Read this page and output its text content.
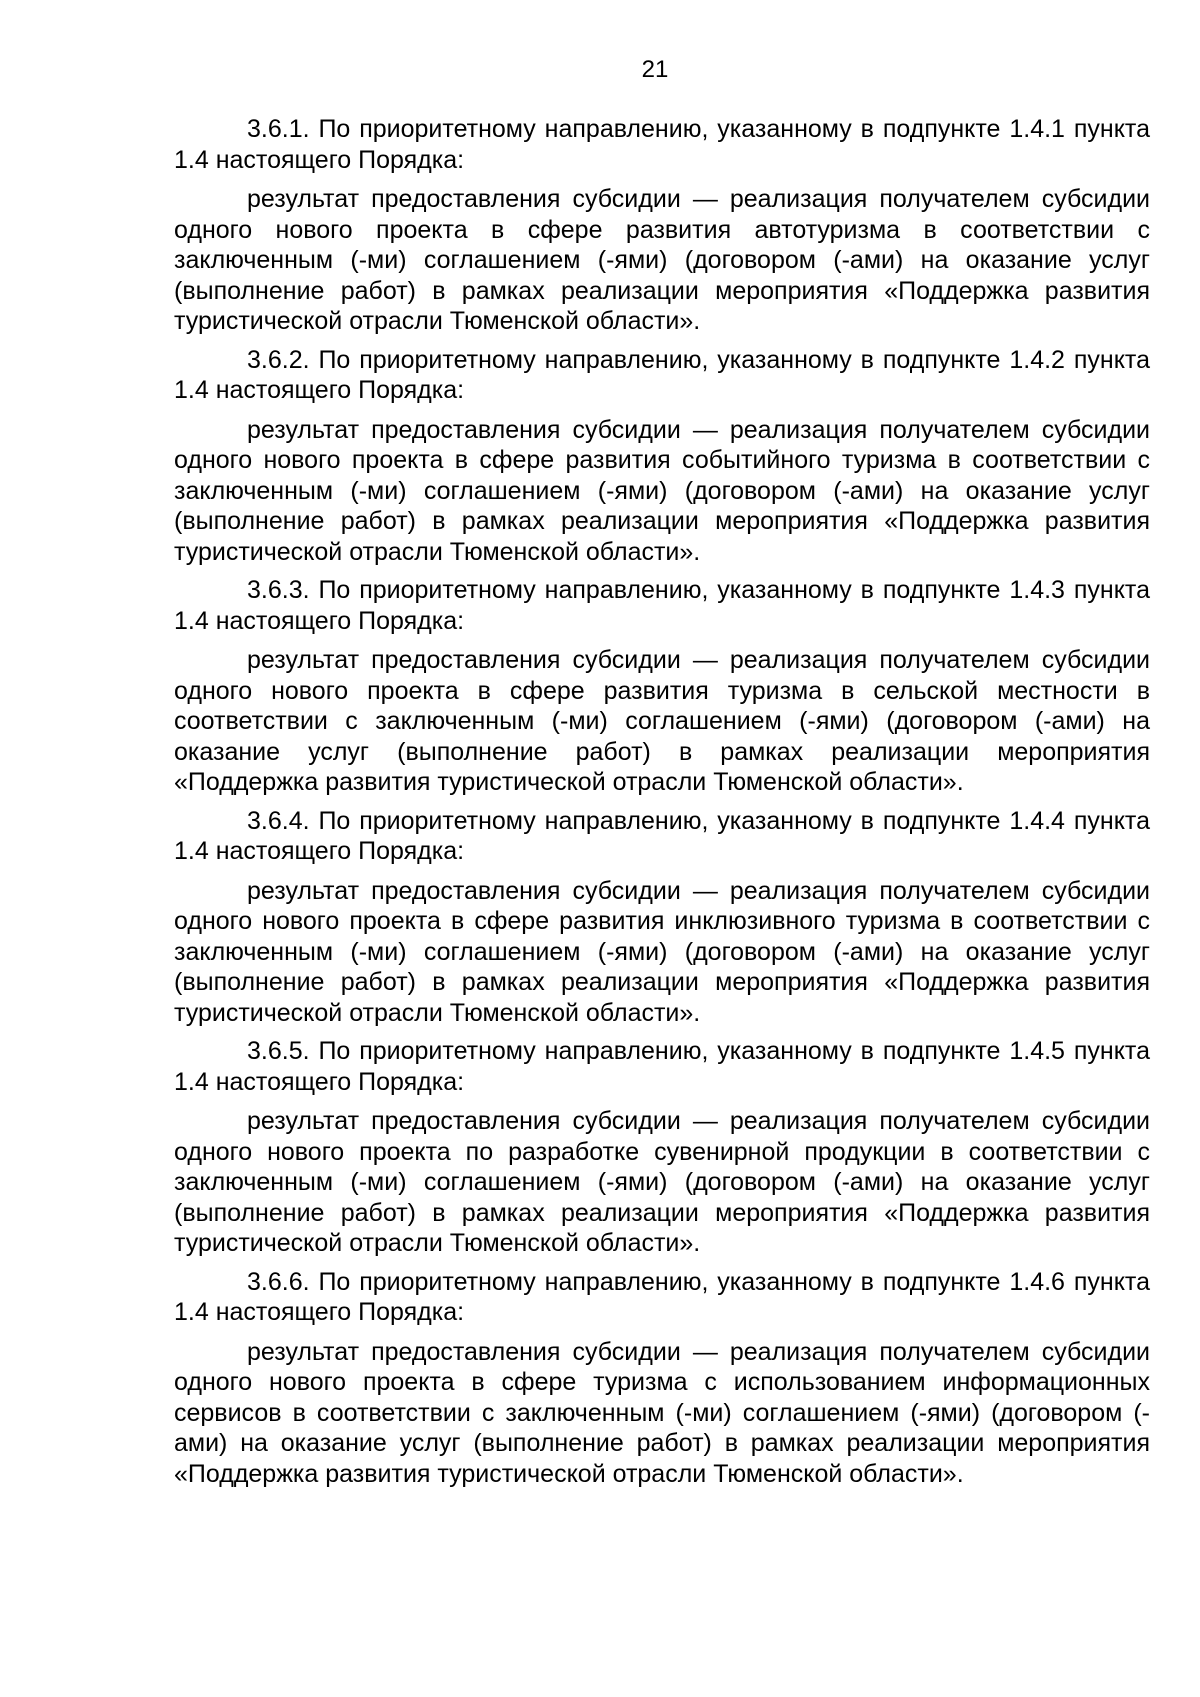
21

3.6.1. По приоритетному направлению, указанному в подпункте 1.4.1 пункта 1.4 настоящего Порядка:

результат предоставления субсидии — реализация получателем субсидии одного нового проекта в сфере развития автотуризма в соответствии с заключенным (-ми) соглашением (-ями) (договором (-ами) на оказание услуг (выполнение работ) в рамках реализации мероприятия «Поддержка развития туристической отрасли Тюменской области».

3.6.2. По приоритетному направлению, указанному в подпункте 1.4.2 пункта 1.4 настоящего Порядка:

результат предоставления субсидии — реализация получателем субсидии одного нового проекта в сфере развития событийного туризма в соответствии с заключенным (-ми) соглашением (-ями) (договором (-ами) на оказание услуг (выполнение работ) в рамках реализации мероприятия «Поддержка развития туристической отрасли Тюменской области».

3.6.3. По приоритетному направлению, указанному в подпункте 1.4.3 пункта 1.4 настоящего Порядка:

результат предоставления субсидии — реализация получателем субсидии одного нового проекта в сфере развития туризма в сельской местности в соответствии с заключенным (-ми) соглашением (-ями) (договором (-ами) на оказание услуг (выполнение работ) в рамках реализации мероприятия «Поддержка развития туристической отрасли Тюменской области».

3.6.4. По приоритетному направлению, указанному в подпункте 1.4.4 пункта 1.4 настоящего Порядка:

результат предоставления субсидии — реализация получателем субсидии одного нового проекта в сфере развития инклюзивного туризма в соответствии с заключенным (-ми) соглашением (-ями) (договором (-ами) на оказание услуг (выполнение работ) в рамках реализации мероприятия «Поддержка развития туристической отрасли Тюменской области».

3.6.5. По приоритетному направлению, указанному в подпункте 1.4.5 пункта 1.4 настоящего Порядка:

результат предоставления субсидии — реализация получателем субсидии одного нового проекта по разработке сувенирной продукции в соответствии с заключенным (-ми) соглашением (-ями) (договором (-ами) на оказание услуг (выполнение работ) в рамках реализации мероприятия «Поддержка развития туристической отрасли Тюменской области».

3.6.6. По приоритетному направлению, указанному в подпункте 1.4.6 пункта 1.4 настоящего Порядка:

результат предоставления субсидии — реализация получателем субсидии одного нового проекта в сфере туризма с использованием информационных сервисов в соответствии с заключенным (-ми) соглашением (-ями) (договором (-ами) на оказание услуг (выполнение работ) в рамках реализации мероприятия «Поддержка развития туристической отрасли Тюменской области».
